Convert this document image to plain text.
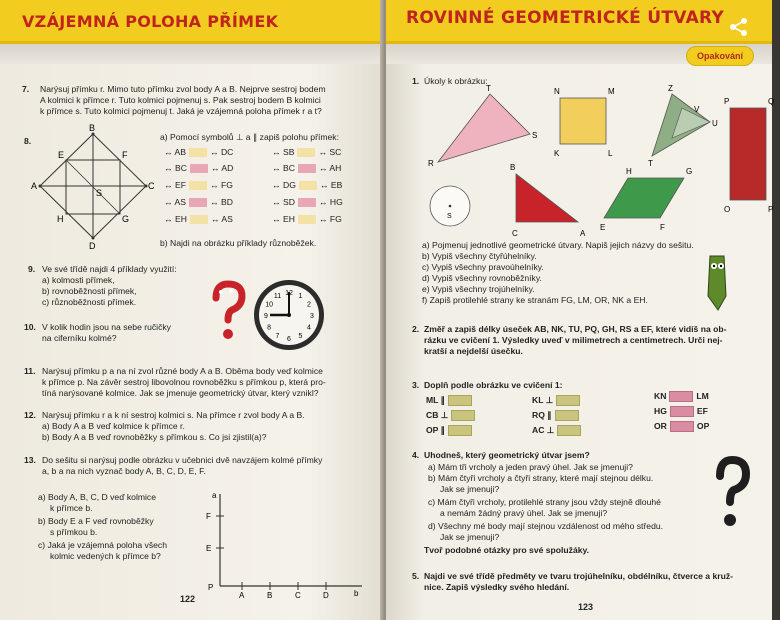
VZÁJEMNÁ POLOHA PŘÍMEK
7. Narýsuj přímku r. Mimo tuto přímku zvol body A a B. Nejprve sestroj bodem
A kolmici k přímce r. Tuto kolmici pojmenuj s. Pak sestroj bodem B kolmici
k přímce s. Tuto kolmici pojmenuj t. Jaká je vzájemná poloha přímek r a t?
8.
B
C
D
A
E	F
G
H
S
a) Pomocí symbolů ⊥ a ∥ zapiš polohu přímek:
↔ AB	↔ DC	↔ SB	↔ SC
↔ BC	↔ AD	↔ BC	↔ AH
↔ EF	↔ FG	↔ DG	↔ EB
↔ AS	↔ BD	↔ SD	↔ HG
↔ EH	↔ AS	↔ EH	↔ FG
b) Najdi na obrázku příklady různoběžek.
9. Ve své třídě najdi 4 příklady využití:
a) kolmosti přímek,
b) rovnoběžnosti přímek,
c) různoběžnosti přímek.
10. V kolik hodin jsou na sebe ručičky
na ciferníku kolmé?
12 1
2
3
4
5
6
7
8
9
10
11
11. Narýsuj přímku p a na ní zvol různé body A a B. Oběma body veď kolmice
k přímce p. Na závěr sestroj libovolnou rovnoběžku s přímkou p, která pro-
tíná narýsované kolmice. Jak se jmenuje geometrický útvar, který vznikl?
12. Narýsuj přímku r a k ní sestroj kolmici s. Na přímce r zvol body A a B.
a) Body A a B veď kolmice k přímce r.
b) Body A a B veď rovnoběžky s přímkou s. Co jsi zjistil(a)?
13. Do sešitu si narýsuj podle obrázku v učebnici dvě navzájem kolmé přímky
a, b a na nich vyznač body A, B, C, D, E, F.
a) Body A, B, C, D veď kolmice
k přímce b.
b) Body E a F veď rovnoběžky
s přímkou b.
c) Jaká je vzájemná poloha všech
kolmic vedených k přímce b?
a
b
F
E
P
A	B	C	D
122
ROVINNÉ GEOMETRICKÉ ÚTVARY
Opakování
1. Úkoly k obrázku:
T
S
R
N	M
K	L
Z
V
U
T
P	Q
O	P
S
B
C	A
H	G
E	F
a) Pojmenuj jednotlivé geometrické útvary. Napiš jejich názvy do sešitu.
b) Vypiš všechny čtyřúhelníky.
c) Vypiš všechny pravoúhelníky.
d) Vypiš všechny rovnoběžníky.
e) Vypiš všechny trojúhelníky.
f) Zapiš protilehlé strany ke stranám FG, LM, OR, NK a EH.
2. Změř a zapiš délky úseček AB, NK, TU, PQ, GH, RS a EF, které vidíš na ob-
rázku ve cvičení 1. Výsledky uveď v milimetrech a centimetrech. Urči nej-
kratší a nejdelší úsečku.
3. Doplň podle obrázku ve cvičení 1:
ML ∥
CB ⊥
OP ∥
KL ⊥
RQ ∥
AC ⊥
KN	LM
HG	EF
OR	OP
4. Uhodneš, který geometrický útvar jsem?
a) Mám tři vrcholy a jeden pravý úhel. Jak se jmenuji?
b) Mám čtyři vrcholy a čtyři strany, které mají stejnou délku.
Jak se jmenuji?
c) Mám čtyři vrcholy, protilehlé strany jsou vždy stejně dlouhé
a nemám žádný pravý úhel. Jak se jmenuji?
d) Všechny mé body mají stejnou vzdálenost od mého středu.
Jak se jmenuji?
Tvoř podobné otázky pro své spolužáky.
5. Najdi ve své třídě předměty ve tvaru trojúhelníku, obdélníku, čtverce a kruž-
nice. Zapiš výsledky svého hledání.
123
